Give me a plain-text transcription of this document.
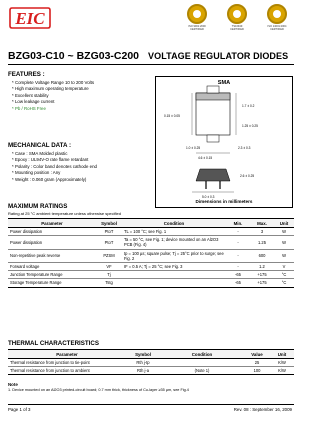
EIC	ISO 9001:2000
CERTIFIED
TS16949
CERTIFIED
ISO 14001:2004
CERTIFIED
BZG03-C10 ~ BZG03-C200 VOLTAGE REGULATOR DIODES
FEATURES :
* Complete Voltage Range 10 to 200 Volts
* High maximum operating temperature
* Excellent stability
* Low leakage current
* Pb / RoHS Free
MECHANICAL DATA :
* Case : SMA Molded plastic
* Epoxy : UL94V-O rate flame retardant
* Polarity : Color band denotes cathode end
* Mounting position : Any
* Weight : 0.060 gram (Approximately)
SMA
1.7 ± 0.2
1.25 ± 0.25
0.15 ± 0.05
2.3 ± 0.3
1.0 ± 0.25
4.6 ± 0.15
5.0 ± 0.3
2.6 ± 0.25
Dimensions in millimeters
MAXIMUM RATINGS
Rating at 25 °C ambient temperature unless otherwise specified
Parameter	Symbol	Condition	Min.	Max.	Unit
Power dissipation	PtoT	TL = 100 °C; see Fig. 1	-	3	W
Power dissipation	PtoT	Ta = 50 °C, see Fig. 1; device mounted on an Al2O3 PCB (Fig. 4)	-	1.25	W
Non-repetitive peak reverse	PZSM	tp = 100 µs; square pulse; Tj = 25°C prior to surge; see Fig. 2	-	600	W
Forward voltage	VF	IF = 0.5 A; Tj = 25 °C; see Fig. 3	-	1.2	V
Junction Temperature Range	Tj		-65	+175	°C
Storage Temperature Range	Tstg		-65	+175	°C
THERMAL CHARACTERISTICS
Parameter	Symbol	Condition	Value	Unit
Thermal resistance from junction to tie-point	Rth j-tp		25	K/W
Thermal resistance from junction to ambient	Rth j-a	(Note 1)	100	K/W
Note
1. Device mounted on an Al2O3 printed-circuit board; 0.7 mm thick, thickness of Cu-layer ≥35 µm, see Fig.4
Page 1 of 3	Rev. 08 : September 16, 2009
